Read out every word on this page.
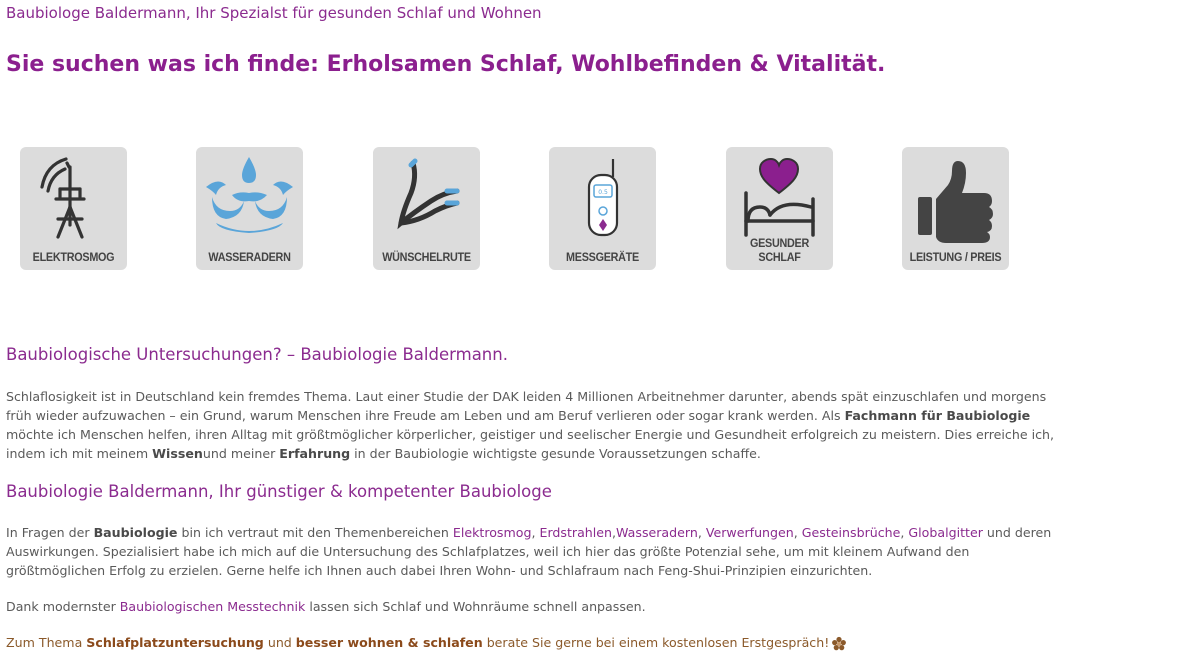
Baubiologe Baldermann, Ihr Spezialst für gesunden Schlaf und Wohnen
Sie suchen was ich finde: Erholsamen Schlaf, Wohlbefinden & Vitalität.
ELEKTROSMOG	WASSERADERN	WÜNSCHELRUTE
0.5
MESSGERÄTE
GESUNDER SCHLAF	LEISTUNG / PREIS
Baubiologische Untersuchungen? – Baubiologie Baldermann.

Schlaflosigkeit ist in Deutschland kein fremdes Thema. Laut einer Studie der DAK leiden 4 Millionen Arbeitnehmer darunter, abends spät einzuschlafen und morgens früh wieder aufzuwachen – ein Grund, warum Menschen ihre Freude am Leben und am Beruf verlieren oder sogar krank werden. Als Fachmann für Baubiologie möchte ich Menschen helfen, ihren Alltag mit größtmöglicher körperlicher, geistiger und seelischer Energie und Gesundheit erfolgreich zu meistern. Dies erreiche ich, indem ich mit meinem Wissenund meiner Erfahrung in der Baubiologie wichtigste gesunde Voraussetzungen schaffe.

Baubiologie Baldermann, Ihr günstiger & kompetenter Baubiologe

In Fragen der Baubiologie bin ich vertraut mit den Themenbereichen Elektrosmog, Erdstrahlen,Wasseradern, Verwerfungen, Gesteinsbrüche, Globalgitter und deren Auswirkungen. Spezialisiert habe ich mich auf die Untersuchung des Schlafplatzes, weil ich hier das größte Potenzial sehe, um mit kleinem Aufwand den größtmöglichen Erfolg zu erzielen. Gerne helfe ich Ihnen auch dabei Ihren Wohn- und Schlafraum nach Feng-Shui-Prinzipien einzurichten.

Dank modernster Baubiologischen Messtechnik lassen sich Schlaf und Wohnräume schnell anpassen.

Zum Thema Schlafplatzuntersuchung und besser wohnen & schlafen berate Sie gerne bei einem kostenlosen Erstgespräch!
